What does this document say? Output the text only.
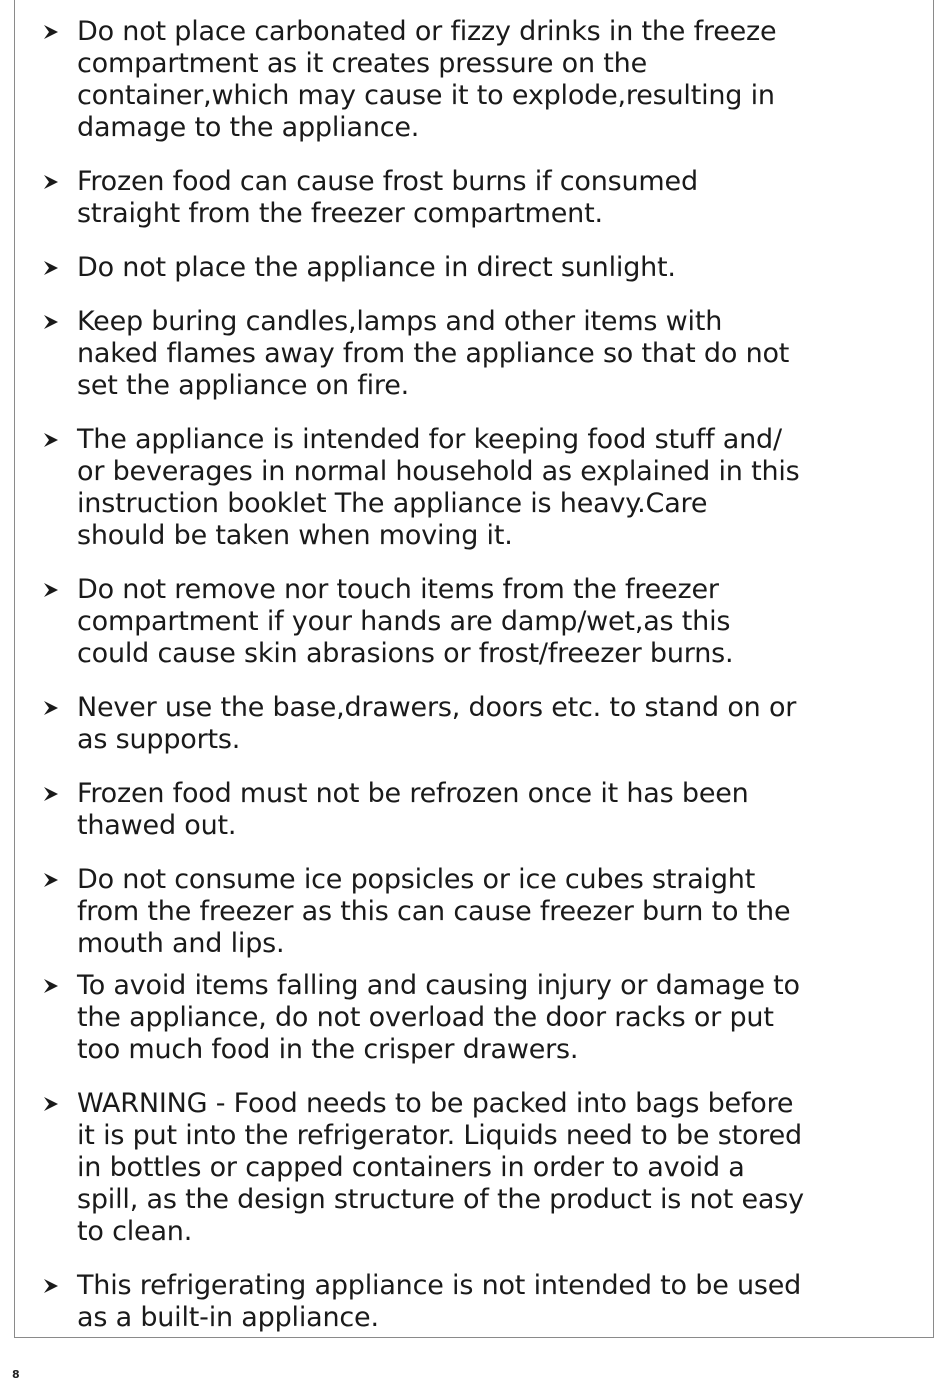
Do not place carbonated or fizzy drinks in the freeze
compartment as it creates pressure on the
container,which may cause it to explode,resulting in
damage to the appliance.
Frozen food can cause frost burns if consumed
straight from the freezer compartment.
Do not place the appliance in direct sunlight.
Keep buring candles,lamps and other items with
naked flames away from the appliance so that do not
set the appliance on fire.
The appliance is intended for keeping food stuff and/
or beverages in normal household as explained in this
instruction booklet The appliance is heavy.Care
should be taken when moving it.
Do not remove nor touch items from the freezer
compartment if your hands are damp/wet,as this
could cause skin abrasions or frost/freezer burns.
Never use the base,drawers, doors etc. to stand on or
as supports.
Frozen food must not be refrozen once it has been
thawed out.
Do not consume ice popsicles or ice cubes straight
from the freezer as this can cause freezer burn to the
mouth and lips.
To avoid items falling and causing injury or damage to
the appliance, do not overload the door racks or put
too much food in the crisper drawers.
WARNING - Food needs to be packed into bags before
it is put into the refrigerator. Liquids need to be stored
in bottles or capped containers in order to avoid a
spill, as the design structure of the product is not easy
to clean.
This refrigerating appliance is not intended to be used
as a built-in appliance.
8
